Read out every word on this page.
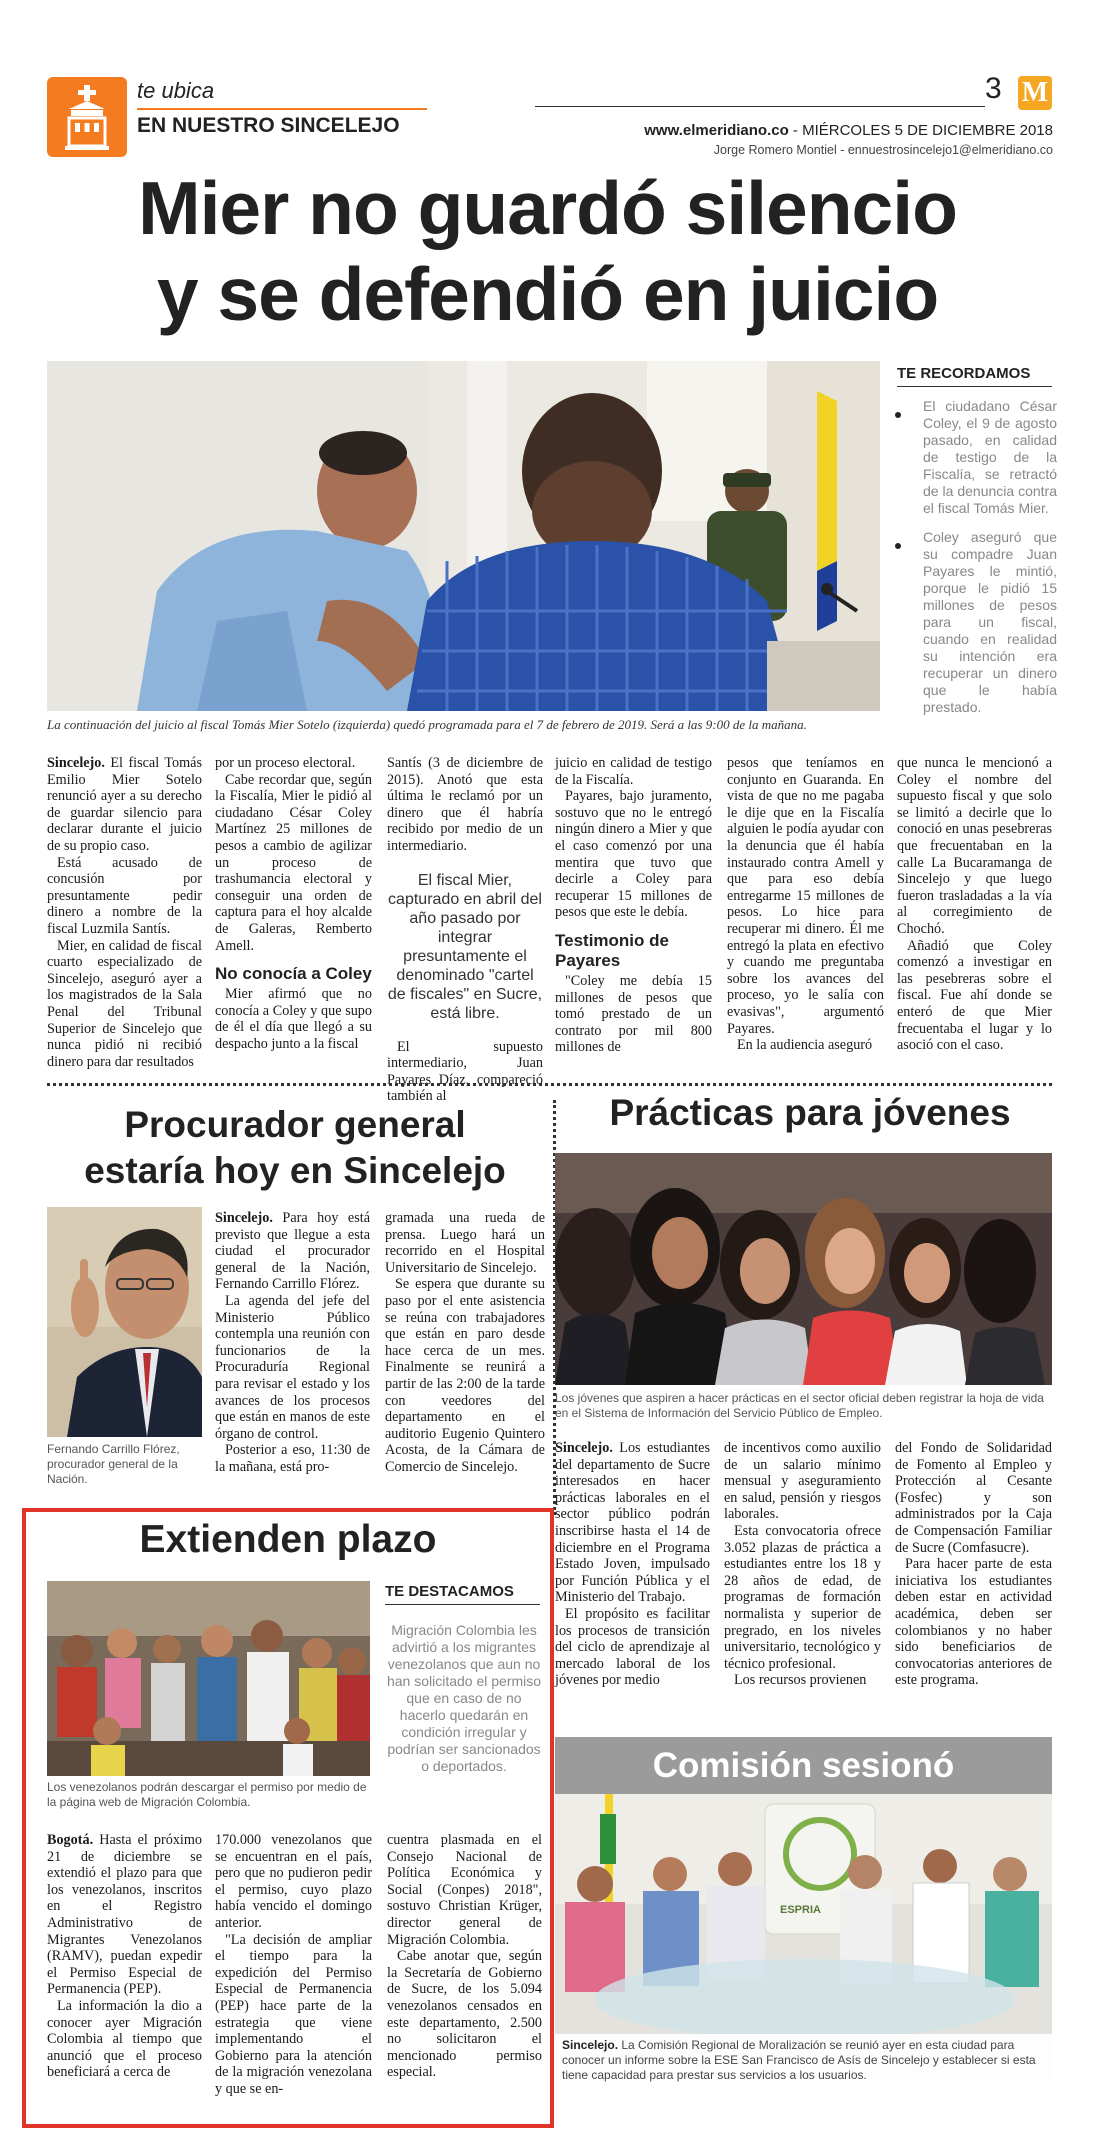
te ubica
EN NUESTRO SINCELEJO
3 M
www.elmeridiano.co - MIÉRCOLES 5 DE DICIEMBRE 2018
Jorge Romero Montiel - ennuestrosincelejo1@elmeridiano.co
Mier no guardó silencio
y se defendió en juicio
La continuación del juicio al fiscal Tomás Mier Sotelo (izquierda) quedó programada para el 7 de febrero de 2019. Será a las 9:00 de la mañana.
TE RECORDAMOS
El ciudadano César Coley, el 9 de agosto pasado, en calidad de testigo de la Fiscalía, se retractó de la denuncia contra el fiscal Tomás Mier.
Coley aseguró que su compadre Juan Payares le mintió, porque le pidió 15 millones de pesos para un fiscal, cuando en realidad su intención era recuperar un dinero que le había prestado.

Sincelejo. El fiscal Tomás Emilio Mier Sotelo renunció ayer a su derecho de guardar silencio para declarar durante el juicio de su propio caso.

Está acusado de concusión por presuntamente pedir dinero a nombre de la fiscal Luzmila Santís.

Mier, en calidad de fiscal cuarto especializado de Sincelejo, aseguró ayer a los magistrados de la Sala Penal del Tribunal Superior de Sincelejo que nunca pidió ni recibió dinero para dar resultados

por un proceso electoral.

Cabe recordar que, según la Fiscalía, Mier le pidió al ciudadano César Coley Martínez 25 millones de pesos a cambio de agilizar un proceso de trashumancia electoral y conseguir una orden de captura para el hoy alcalde de Galeras, Remberto Amell.

No conocía a Coley

Mier afirmó que no conocía a Coley y que supo de él el día que llegó a su despacho junto a la fiscal

Santís (3 de diciembre de 2015). Anotó que esta última le reclamó por un dinero que él habría recibido por medio de un intermediario.

El fiscal Mier, capturado en abril del año pasado por integrar presuntamente el denominado "cartel de fiscales" en Sucre, está libre.

El supuesto intermediario, Juan Payares Díaz, compareció también al

juicio en calidad de testigo de la Fiscalía.

Payares, bajo juramento, sostuvo que no le entregó ningún dinero a Mier y que el caso comenzó por una mentira que tuvo que decirle a Coley para recuperar 15 millones de pesos que este le debía.

Testimonio de Payares

"Coley me debía 15 millones de pesos que tomó prestado de un contrato por mil 800 millones de

pesos que teníamos en conjunto en Guaranda. En vista de que no me pagaba le dije que en la Fiscalía alguien le podía ayudar con la denuncia que él había instaurado contra Amell y que para eso debía entregarme 15 millones de pesos. Lo hice para recuperar mi dinero. Él me entregó la plata en efectivo y cuando me preguntaba sobre los avances del proceso, yo le salía con evasivas", argumentó Payares.

En la audiencia aseguró

que nunca le mencionó a Coley el nombre del supuesto fiscal y que solo se limitó a decirle que lo conoció en unas pesebreras que frecuentaban en la calle La Bucaramanga de Sincelejo y que luego fueron trasladadas a la vía al corregimiento de Chochó.

Añadió que Coley comenzó a investigar en las pesebreras sobre el fiscal. Fue ahí donde se enteró de que Mier frecuentaba el lugar y lo asoció con el caso.

Procurador general
estaría hoy en Sincelejo
Fernando Carrillo Flórez, procurador general de la Nación.

Sincelejo. Para hoy está previsto que llegue a esta ciudad el procurador general de la Nación, Fernando Carrillo Flórez.

La agenda del jefe del Ministerio Público contempla una reunión con funcionarios de la Procuraduría Regional para revisar el estado y los avances de los procesos que están en manos de este órgano de control.

Posterior a eso, 11:30 de la mañana, está pro-

gramada una rueda de prensa. Luego hará un recorrido en el Hospital Universitario de Sincelejo.

Se espera que durante su paso por el ente asistencia se reúna con trabajadores que están en paro desde hace cerca de un mes. Finalmente se reunirá a partir de las 2:00 de la tarde con veedores del departamento en el auditorio Eugenio Quintero Acosta, de la Cámara de Comercio de Sincelejo.

Prácticas para jóvenes
Los jóvenes que aspiren a hacer prácticas en el sector oficial deben registrar la hoja de vida en el Sistema de Información del Servicio Público de Empleo.

Sincelejo. Los estudiantes del departamento de Sucre interesados en hacer prácticas laborales en el sector público podrán inscribirse hasta el 14 de diciembre en el Programa Estado Joven, impulsado por Función Pública y el Ministerio del Trabajo.

El propósito es facilitar los procesos de transición del ciclo de aprendizaje al mercado laboral de los jóvenes por medio

de incentivos como auxilio de un salario mínimo mensual y aseguramiento en salud, pensión y riesgos laborales.

Esta convocatoria ofrece 3.052 plazas de práctica a estudiantes entre los 18 y 28 años de edad, de programas de formación normalista y superior de pregrado, en los niveles universitario, tecnológico y técnico profesional.

Los recursos provienen

del Fondo de Solidaridad de Fomento al Empleo y Protección al Cesante (Fosfec) y son administrados por la Caja de Compensación Familiar de Sucre (Comfasucre).

Para hacer parte de esta iniciativa los estudiantes deben estar en actividad académica, deben ser colombianos y no haber sido beneficiarios de convocatorias anteriores de este programa.

Extienden plazo
Los venezolanos podrán descargar el permiso por medio de la página web de Migración Colombia.
TE DESTACAMOS
Migración Colombia les advirtió a los migrantes venezolanos que aun no han solicitado el permiso que en caso de no hacerlo quedarán en condición irregular y podrían ser sancionados o deportados.

Bogotá. Hasta el próximo 21 de diciembre se extendió el plazo para que los venezolanos, inscritos en el Registro Administrativo de Migrantes Venezolanos (RAMV), puedan expedir el Permiso Especial de Permanencia (PEP).

La información la dio a conocer ayer Migración Colombia al tiempo que anunció que el proceso beneficiará a cerca de

170.000 venezolanos que se encuentran en el país, pero que no pudieron pedir el permiso, cuyo plazo había vencido el domingo anterior.

"La decisión de ampliar el tiempo para la expedición del Permiso Especial de Permanencia (PEP) hace parte de la estrategia que viene implementando el Gobierno para la atención de la migración venezolana y que se en-

cuentra plasmada en el Consejo Nacional de Política Económica y Social (Conpes) 2018", sostuvo Christian Krüger, director general de Migración Colombia.

Cabe anotar que, según la Secretaría de Gobierno de Sucre, de los 5.094 venezolanos censados en este departamento, 2.500 no solicitaron el mencionado permiso especial.

Comisión sesionó
ESPRIA
Sincelejo. La Comisión Regional de Moralización se reunió ayer en esta ciudad para conocer un informe sobre la ESE San Francisco de Asís de Sincelejo y establecer si esta tiene capacidad para prestar sus servicios a los usuarios.
